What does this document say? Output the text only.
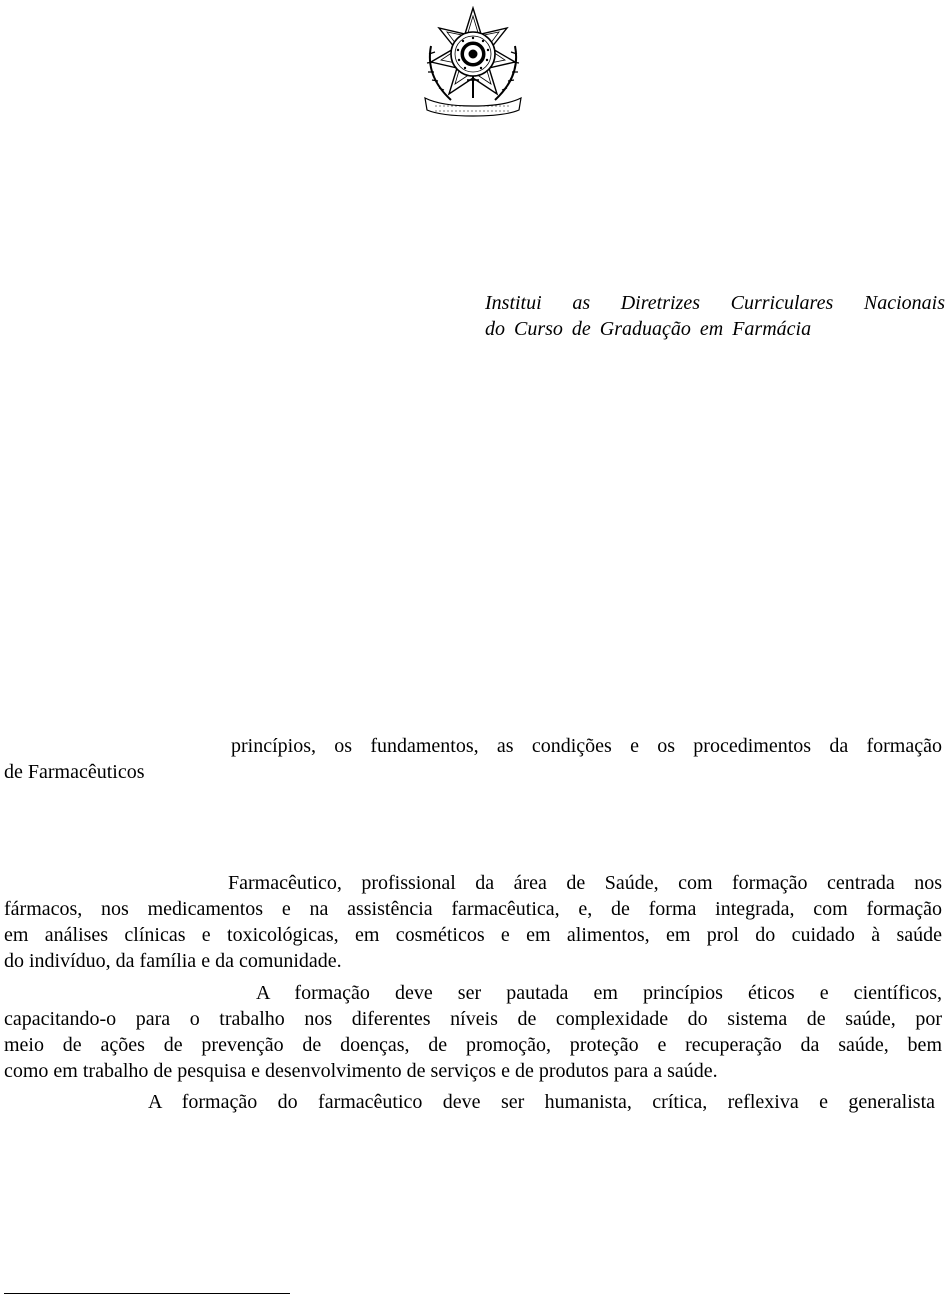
Institui as Diretrizes Curriculares Nacionais
do Curso de Graduação em Farmácia

princípios, os fundamentos, as condições e os procedimentos da formação

de Farmacêuticos

Farmacêutico, profissional da área de Saúde, com formação centrada nos

fármacos, nos medicamentos e na assistência farmacêutica, e, de forma integrada, com formação

em análises clínicas e toxicológicas, em cosméticos e em alimentos, em prol do cuidado à saúde

do indivíduo, da família e da comunidade.

A formação deve ser pautada em princípios éticos e científicos,

capacitando-o para o trabalho nos diferentes níveis de complexidade do sistema de saúde, por

meio de ações de prevenção de doenças, de promoção, proteção e recuperação da saúde, bem

como em trabalho de pesquisa e desenvolvimento de serviços e de produtos para a saúde.

A formação do farmacêutico deve ser humanista, crítica, reflexiva e generalista
